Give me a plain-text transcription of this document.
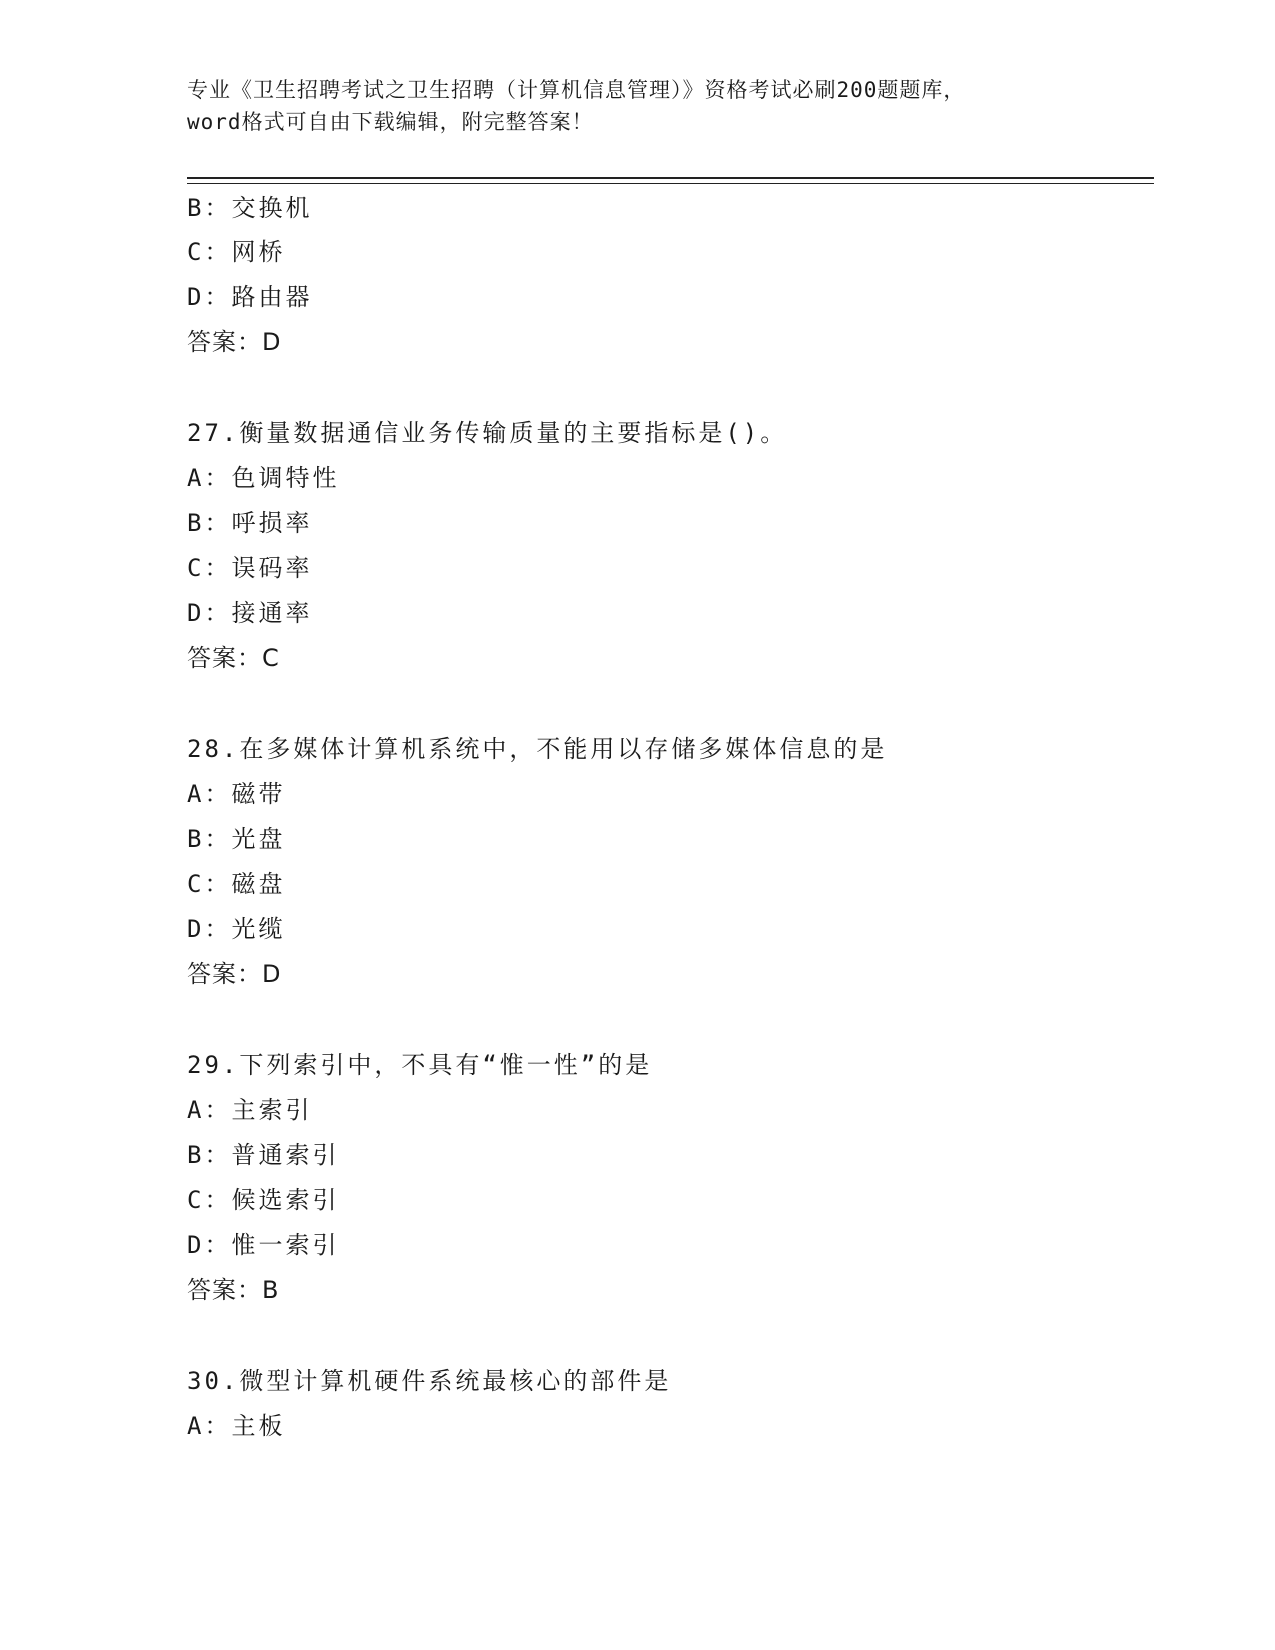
专业《卫生招聘考试之卫生招聘（计算机信息管理）》资格考试必刷200题题库，
word格式可自由下载编辑，附完整答案！
B：交换机
C：网桥
D：路由器
答案：D
27.衡量数据通信业务传输质量的主要指标是()。
A：色调特性
B：呼损率
C：误码率
D：接通率
答案：C
28.在多媒体计算机系统中，不能用以存储多媒体信息的是
A：磁带
B：光盘
C：磁盘
D：光缆
答案：D
29.下列索引中，不具有“惟一性”的是
A：主索引
B：普通索引
C：候选索引
D：惟一索引
答案：B
30.微型计算机硬件系统最核心的部件是
A：主板
